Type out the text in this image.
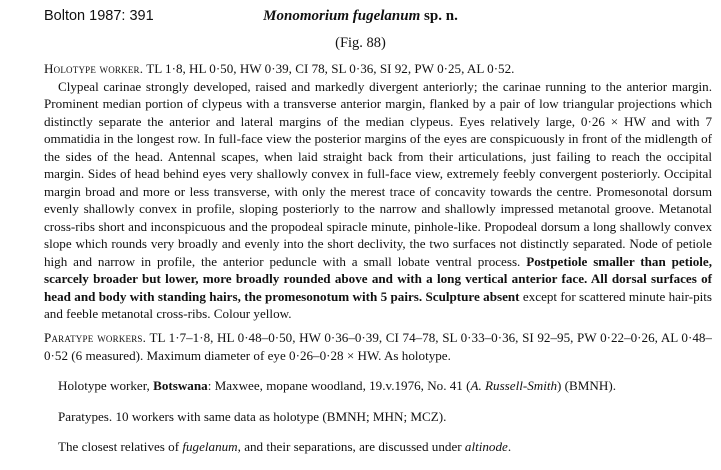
Bolton 1987: 391	Monomorium fugelanum sp. n.
(Fig. 88)
Holotype worker. TL 1·8, HL 0·50, HW 0·39, CI 78, SL 0·36, SI 92, PW 0·25, AL 0·52.
Clypeal carinae strongly developed, raised and markedly divergent anteriorly; the carinae running to the anterior margin. Prominent median portion of clypeus with a transverse anterior margin, flanked by a pair of low triangular projections which distinctly separate the anterior and lateral margins of the median clypeus. Eyes relatively large, 0·26 × HW and with 7 ommatidia in the longest row. In full-face view the posterior margins of the eyes are conspicuously in front of the midlength of the sides of the head. Antennal scapes, when laid straight back from their articulations, just failing to reach the occipital margin. Sides of head behind eyes very shallowly convex in full-face view, extremely feebly convergent posteriorly. Occipital margin broad and more or less transverse, with only the merest trace of concavity towards the centre. Promesonotal dorsum evenly shallowly convex in profile, sloping posteriorly to the narrow and shallowly impressed metanotal groove. Metanotal cross-ribs short and inconspicuous and the propodeal spiracle minute, pinhole-like. Propodeal dorsum a long shallowly convex slope which rounds very broadly and evenly into the short declivity, the two surfaces not distinctly separated. Node of petiole high and narrow in profile, the anterior peduncle with a small lobate ventral process. Postpetiole smaller than petiole, scarcely broader but lower, more broadly rounded above and with a long vertical anterior face. All dorsal surfaces of head and body with standing hairs, the promesonotum with 5 pairs. Sculpture absent except for scattered minute hair-pits and feeble metanotal cross-ribs. Colour yellow.
Paratype workers. TL 1·7–1·8, HL 0·48–0·50, HW 0·36–0·39, CI 74–78, SL 0·33–0·36, SI 92–95, PW 0·22–0·26, AL 0·48–0·52 (6 measured). Maximum diameter of eye 0·26–0·28 × HW. As holotype.
Holotype worker, Botswana: Maxwee, mopane woodland, 19.v.1976, No. 41 (A. Russell-Smith) (BMNH).
Paratypes. 10 workers with same data as holotype (BMNH; MHN; MCZ).
The closest relatives of fugelanum, and their separations, are discussed under altinode.
